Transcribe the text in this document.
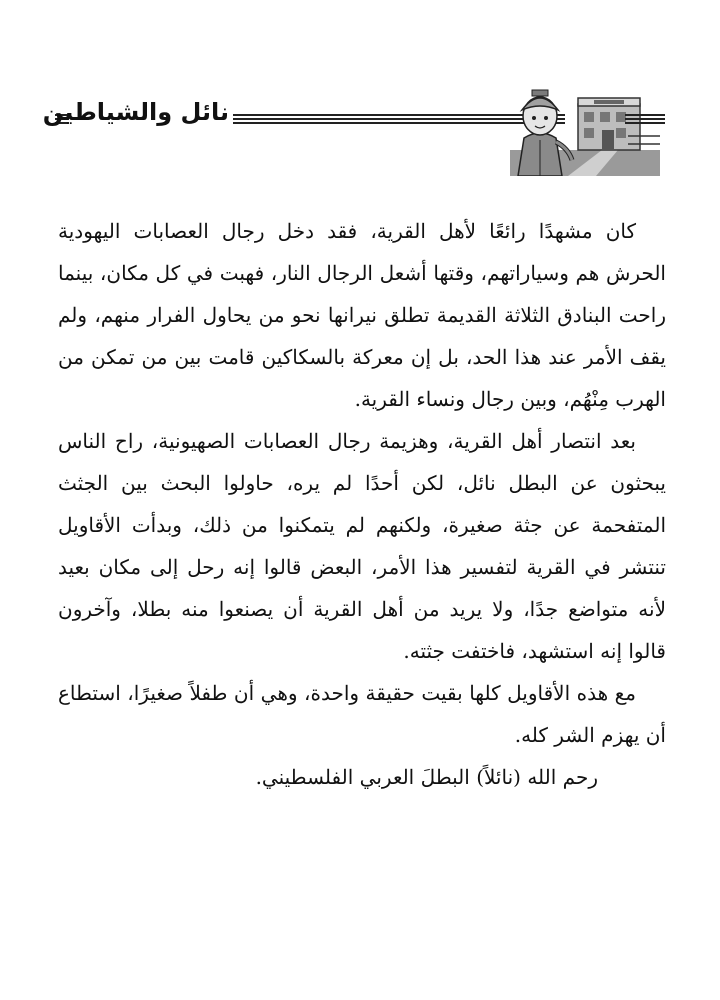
نائل والشياطين

كان مشهدًا رائعًا لأهل القرية، فقد دخل رجال العصابات اليهودية الحرش هم وسياراتهم، وقتها أشعل الرجال النار، فهبت في كل مكان، بينما راحت البنادق الثلاثة القديمة تطلق نيرانها نحو من يحاول الفرار منهم، ولم يقف الأمر عند هذا الحد، بل إن معركة بالسكاكين قامت بين من تمكن من الهرب مِنْهُم، وبين رجال ونساء القرية.

بعد انتصار أهل القرية، وهزيمة رجال العصابات الصهيونية، راح الناس يبحثون عن البطل نائل، لكن أحدًا لم يره، حاولوا البحث بين الجثث المتفحمة عن جثة صغيرة، ولكنهم لم يتمكنوا من ذلك، وبدأت الأقاويل تنتشر في القرية لتفسير هذا الأمر، البعض قالوا إنه رحل إلى مكان بعيد لأنه متواضع جدًا، ولا يريد من أهل القرية أن يصنعوا منه بطلا، وآخرون قالوا إنه استشهد، فاختفت جثته.

مع هذه الأقاويل كلها بقيت حقيقة واحدة، وهي أن طفلاً صغيرًا، استطاع أن يهزم الشر كله.

رحم الله (نائلاً) البطلَ العربي الفلسطيني.
